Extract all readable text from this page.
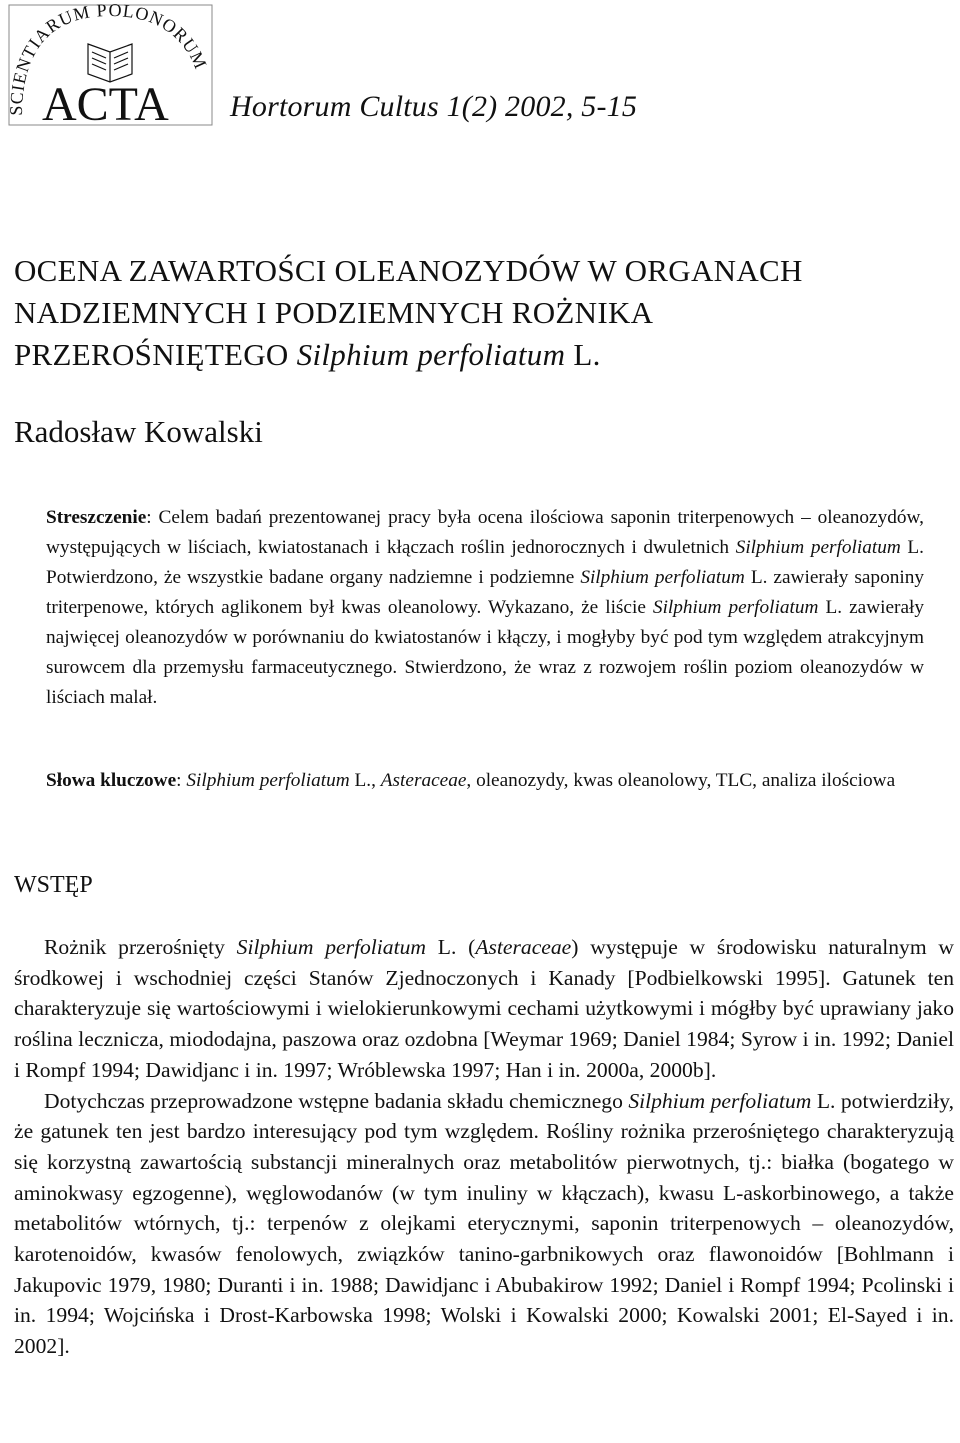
CIENTIARUM POLONORUM
ACTA Hortorum Cultus 1(2) 2002, 5-15
OCENA ZAWARTOŚCI OLEANOZYDÓW W ORGANACH
NADZIEMNYCH I PODZIEMNYCH ROŻNIKA
PRZEROŚNIĘTEGO Silphium perfoliatum L.
Radosław Kowalski
Streszczenie: Celem badań prezentowanej pracy była ocena ilościowa saponin triterpenowych – oleanozydów, występujących w liściach, kwiatostanach i kłączach roślin jednorocznych i dwuletnich Silphium perfoliatum L. Potwierdzono, że wszystkie badane organy nadziemne i podziemne Silphium perfoliatum L. zawierały saponiny triterpenowe, których aglikonem był kwas oleanolowy. Wykazano, że liście Silphium perfoliatum L. zawierały najwięcej oleanozydów w porównaniu do kwiatostanów i kłączy, i mogłyby być pod tym względem atrakcyjnym surowcem dla przemysłu farmaceutycznego. Stwierdzono, że wraz z rozwojem roślin poziom oleanozydów w liściach malał.
Słowa kluczowe: Silphium perfoliatum L., Asteraceae, oleanozydy, kwas oleanolowy, TLC, analiza ilościowa
WSTĘP

Rożnik przerośnięty Silphium perfoliatum L. (Asteraceae) występuje w środowisku naturalnym w środkowej i wschodniej części Stanów Zjednoczonych i Kanady [Podbielkowski 1995]. Gatunek ten charakteryzuje się wartościowymi i wielokierunkowymi cechami użytkowymi i mógłby być uprawiany jako roślina lecznicza, miododajna, paszowa oraz ozdobna [Weymar 1969; Daniel 1984; Syrow i in. 1992; Daniel i Rompf 1994; Dawidjanc i in. 1997; Wróblewska 1997; Han i in. 2000a, 2000b].

Dotychczas przeprowadzone wstępne badania składu chemicznego Silphium perfoliatum L. potwierdziły, że gatunek ten jest bardzo interesujący pod tym względem. Rośliny rożnika przerośniętego charakteryzują się korzystną zawartością substancji mineralnych oraz metabolitów pierwotnych, tj.: białka (bogatego w aminokwasy egzogenne), węglowodanów (w tym inuliny w kłączach), kwasu L-askorbinowego, a także metabolitów wtórnych, tj.: terpenów z olejkami eterycznymi, saponin triterpenowych – oleanozydów, karotenoidów, kwasów fenolowych, związków tanino-garbnikowych oraz flawonoidów [Bohlmann i Jakupovic 1979, 1980; Duranti i in. 1988; Dawidjanc i Abubakirow 1992; Daniel i Rompf 1994; Pcolinski i in. 1994; Wojcińska i Drost-Karbowska 1998; Wolski i Kowalski 2000; Kowalski 2001; El-Sayed i in. 2002].
